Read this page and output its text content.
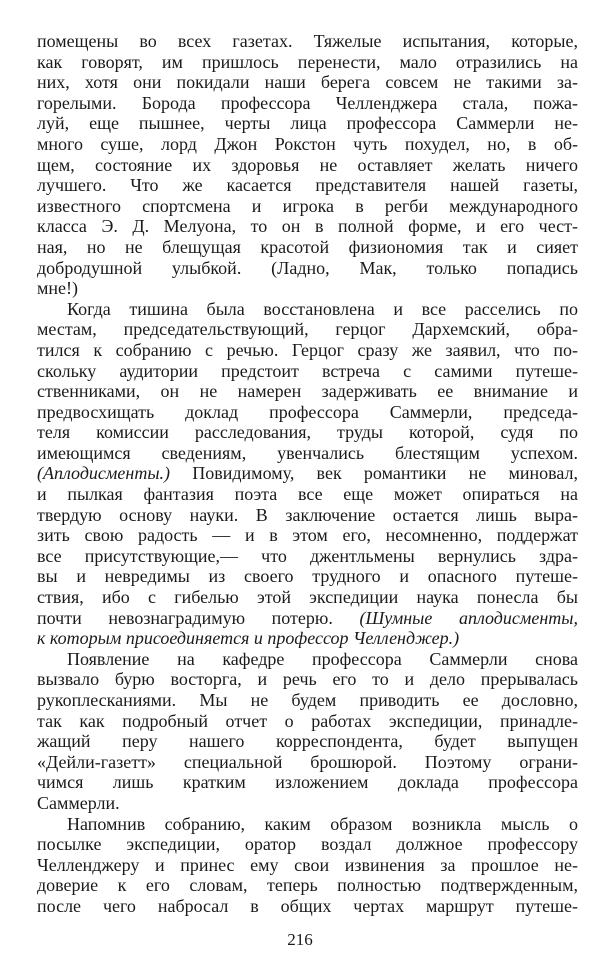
помещены во всех газетах. Тяжелые испытания, которые,
как говорят, им пришлось перенести, мало отразились на
них, хотя они покидали наши берега совсем не такими за-
горелыми. Борода профессора Челленджера стала, пожа-
луй, еще пышнее, черты лица профессора Саммерли не-
много суше, лорд Джон Рокстон чуть похудел, но, в об-
щем, состояние их здоровья не оставляет желать ничего
лучшего. Что же касается представителя нашей газеты,
известного спортсмена и игрока в регби международного
класса Э. Д. Мелуона, то он в полной форме, и его чест-
ная, но не блещущая красотой физиономия так и сияет
добродушной улыбкой. (Ладно, Мак, только попадись
мне!)
Когда тишина была восстановлена и все расселись по
местам, председательствующий, герцог Дархемский, обра-
тился к собранию с речью. Герцог сразу же заявил, что по-
скольку аудитории предстоит встреча с самими путеше-
ственниками, он не намерен задерживать ее внимание и
предвосхищать доклад профессора Саммерли, председа-
теля комиссии расследования, труды которой, судя по
имеющимся сведениям, увенчались блестящим успехом.
(Аплодисменты.) Повидимому, век романтики не миновал,
и пылкая фантазия поэта все еще может опираться на
твердую основу науки. В заключение остается лишь выра-
зить свою радость — и в этом его, несомненно, поддержат
все присутствующие,— что джентльмены вернулись здра-
вы и невредимы из своего трудного и опасного путеше-
ствия, ибо с гибелью этой экспедиции наука понесла бы
почти невознаградимую потерю. (Шумные аплодисменты,
к которым присоединяется и профессор Челленджер.)
Появление на кафедре профессора Саммерли снова
вызвало бурю восторга, и речь его то и дело прерывалась
рукоплесканиями. Мы не будем приводить ее дословно,
так как подробный отчет о работах экспедиции, принадле-
жащий перу нашего корреспондента, будет выпущен
«Дейли-газетт» специальной брошюрой. Поэтому ограни-
чимся лишь кратким изложением доклада профессора
Саммерли.
Напомнив собранию, каким образом возникла мысль о
посылке экспедиции, оратор воздал должное профессору
Челленджеру и принес ему свои извинения за прошлое не-
доверие к его словам, теперь полностью подтвержденным,
после чего набросал в общих чертах маршрут путеше-
216
